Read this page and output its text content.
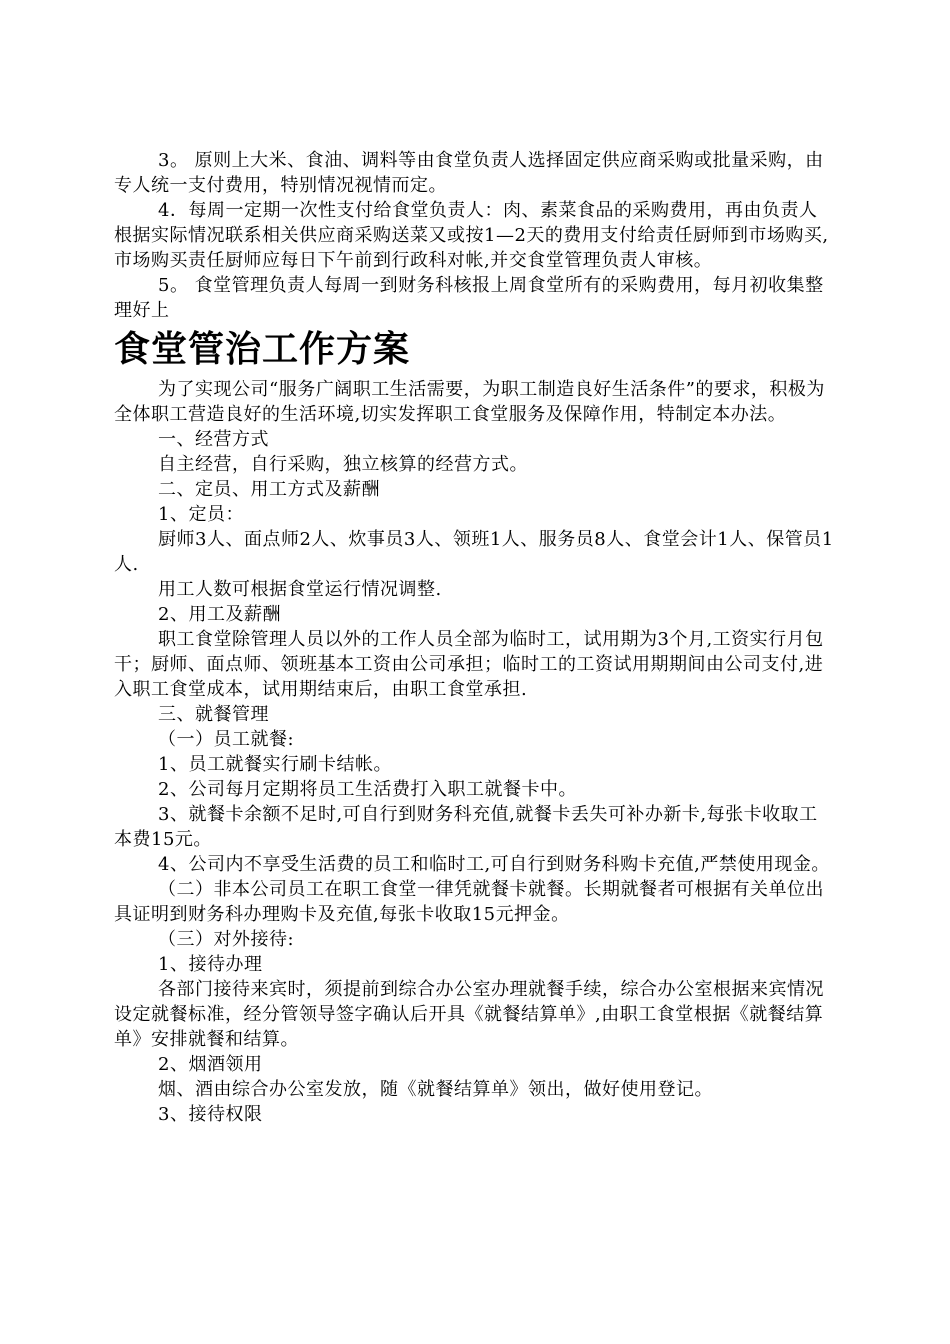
3。 原则上大米、食油、调料等由食堂负责人选择固定供应商采购或批量采购，由专人统一支付费用，特别情况视情而定。

4．每周一定期一次性支付给食堂负责人：肉、素菜食品的采购费用，再由负责人根据实际情况联系相关供应商采购送菜又或按1—2天的费用支付给责任厨师到市场购买,市场购买责任厨师应每日下午前到行政科对帐,并交食堂管理负责人审核。

5。 食堂管理负责人每周一到财务科核报上周食堂所有的采购费用，每月初收集整理好上

食堂管治工作方案

为了实现公司“服务广阔职工生活需要，为职工制造良好生活条件”的要求，积极为全体职工营造良好的生活环境,切实发挥职工食堂服务及保障作用，特制定本办法。

一、经营方式

自主经营，自行采购，独立核算的经营方式。

二、定员、用工方式及薪酬

1、定员：

厨师3人、面点师2人、炊事员3人、领班1人、服务员8人、食堂会计1人、保管员1人.

用工人数可根据食堂运行情况调整.

2、用工及薪酬

职工食堂除管理人员以外的工作人员全部为临时工，试用期为3个月,工资实行月包干；厨师、面点师、领班基本工资由公司承担；临时工的工资试用期期间由公司支付,进入职工食堂成本，试用期结束后，由职工食堂承担.

三、就餐管理

（一）员工就餐:

1、员工就餐实行刷卡结帐。

2、公司每月定期将员工生活费打入职工就餐卡中。

3、就餐卡余额不足时,可自行到财务科充值,就餐卡丢失可补办新卡,每张卡收取工本费15元。

4、公司内不享受生活费的员工和临时工,可自行到财务科购卡充值,严禁使用现金。

（二）非本公司员工在职工食堂一律凭就餐卡就餐。长期就餐者可根据有关单位出具证明到财务科办理购卡及充值,每张卡收取15元押金。

（三）对外接待:

1、接待办理

各部门接待来宾时，须提前到综合办公室办理就餐手续，综合办公室根据来宾情况设定就餐标准，经分管领导签字确认后开具《就餐结算单》,由职工食堂根据《就餐结算单》安排就餐和结算。

2、烟酒领用

烟、酒由综合办公室发放，随《就餐结算单》领出，做好使用登记。

3、接待权限
